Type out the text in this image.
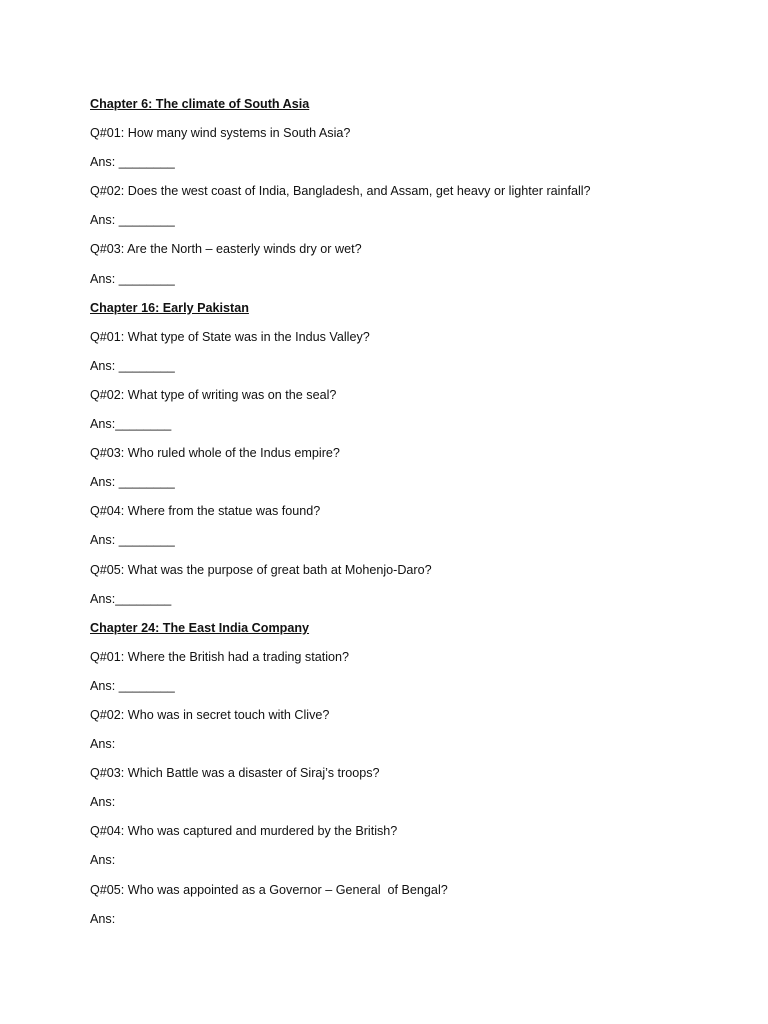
Chapter 6: The climate of South Asia
Q#01: How many wind systems in South Asia?
Ans: ________
Q#02: Does the west coast of India, Bangladesh, and Assam, get heavy or lighter rainfall?
Ans: ________
Q#03: Are the North – easterly winds dry or wet?
Ans: ________
Chapter 16: Early Pakistan
Q#01: What type of State was in the Indus Valley?
Ans: ________
Q#02: What type of writing was on the seal?
Ans:________
Q#03: Who ruled whole of the Indus empire?
Ans: ________
Q#04: Where from the statue was found?
Ans: ________
Q#05: What was the purpose of great bath at Mohenjo-Daro?
Ans:________
Chapter 24: The East India Company
Q#01: Where the British had a trading station?
Ans: ________
Q#02: Who was in secret touch with Clive?
Ans:
Q#03: Which Battle was a disaster of Siraj’s troops?
Ans:
Q#04: Who was captured and murdered by the British?
Ans:
Q#05: Who was appointed as a Governor – General  of Bengal?
Ans:
